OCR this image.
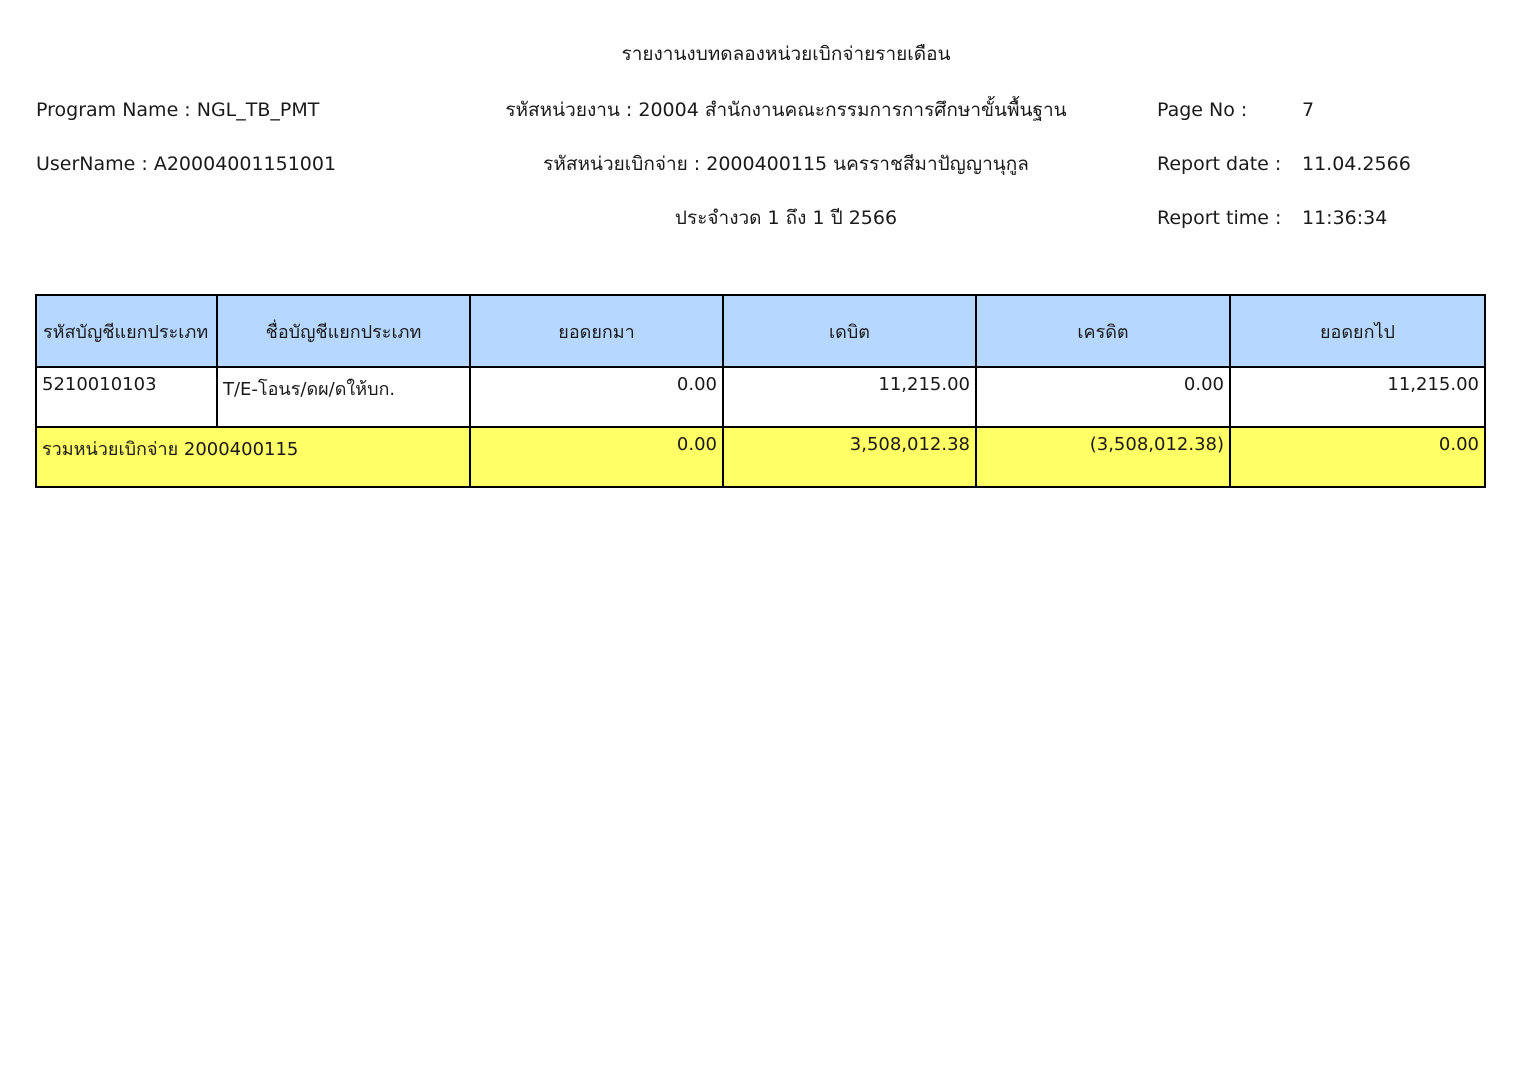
รายงานงบทดลองหน่วยเบิกจ่ายรายเดือน
Program Name : NGL_TB_PMT
UserName : A20004001151001
รหัสหน่วยงาน : 20004 สำนักงานคณะกรรมการการศึกษาขั้นพื้นฐาน
รหัสหน่วยเบิกจ่าย : 2000400115 นครราชสีมาปัญญานุกูล
ประจำงวด 1 ถึง 1 ปี 2566
Page No :	7
Report date : 11.04.2566
Report time : 11:36:34
รหัสบัญชีแยกประเภท	ชื่อบัญชีแยกประเภท	ยอดยกมา	เดบิต	เครดิต	ยอดยกไป
5210010103	T/E-โอนร/ดผ/ดให้บก.	0.00	11,215.00	0.00	11,215.00
รวมหน่วยเบิกจ่าย 2000400115		0.00	3,508,012.38	(3,508,012.38)	0.00
